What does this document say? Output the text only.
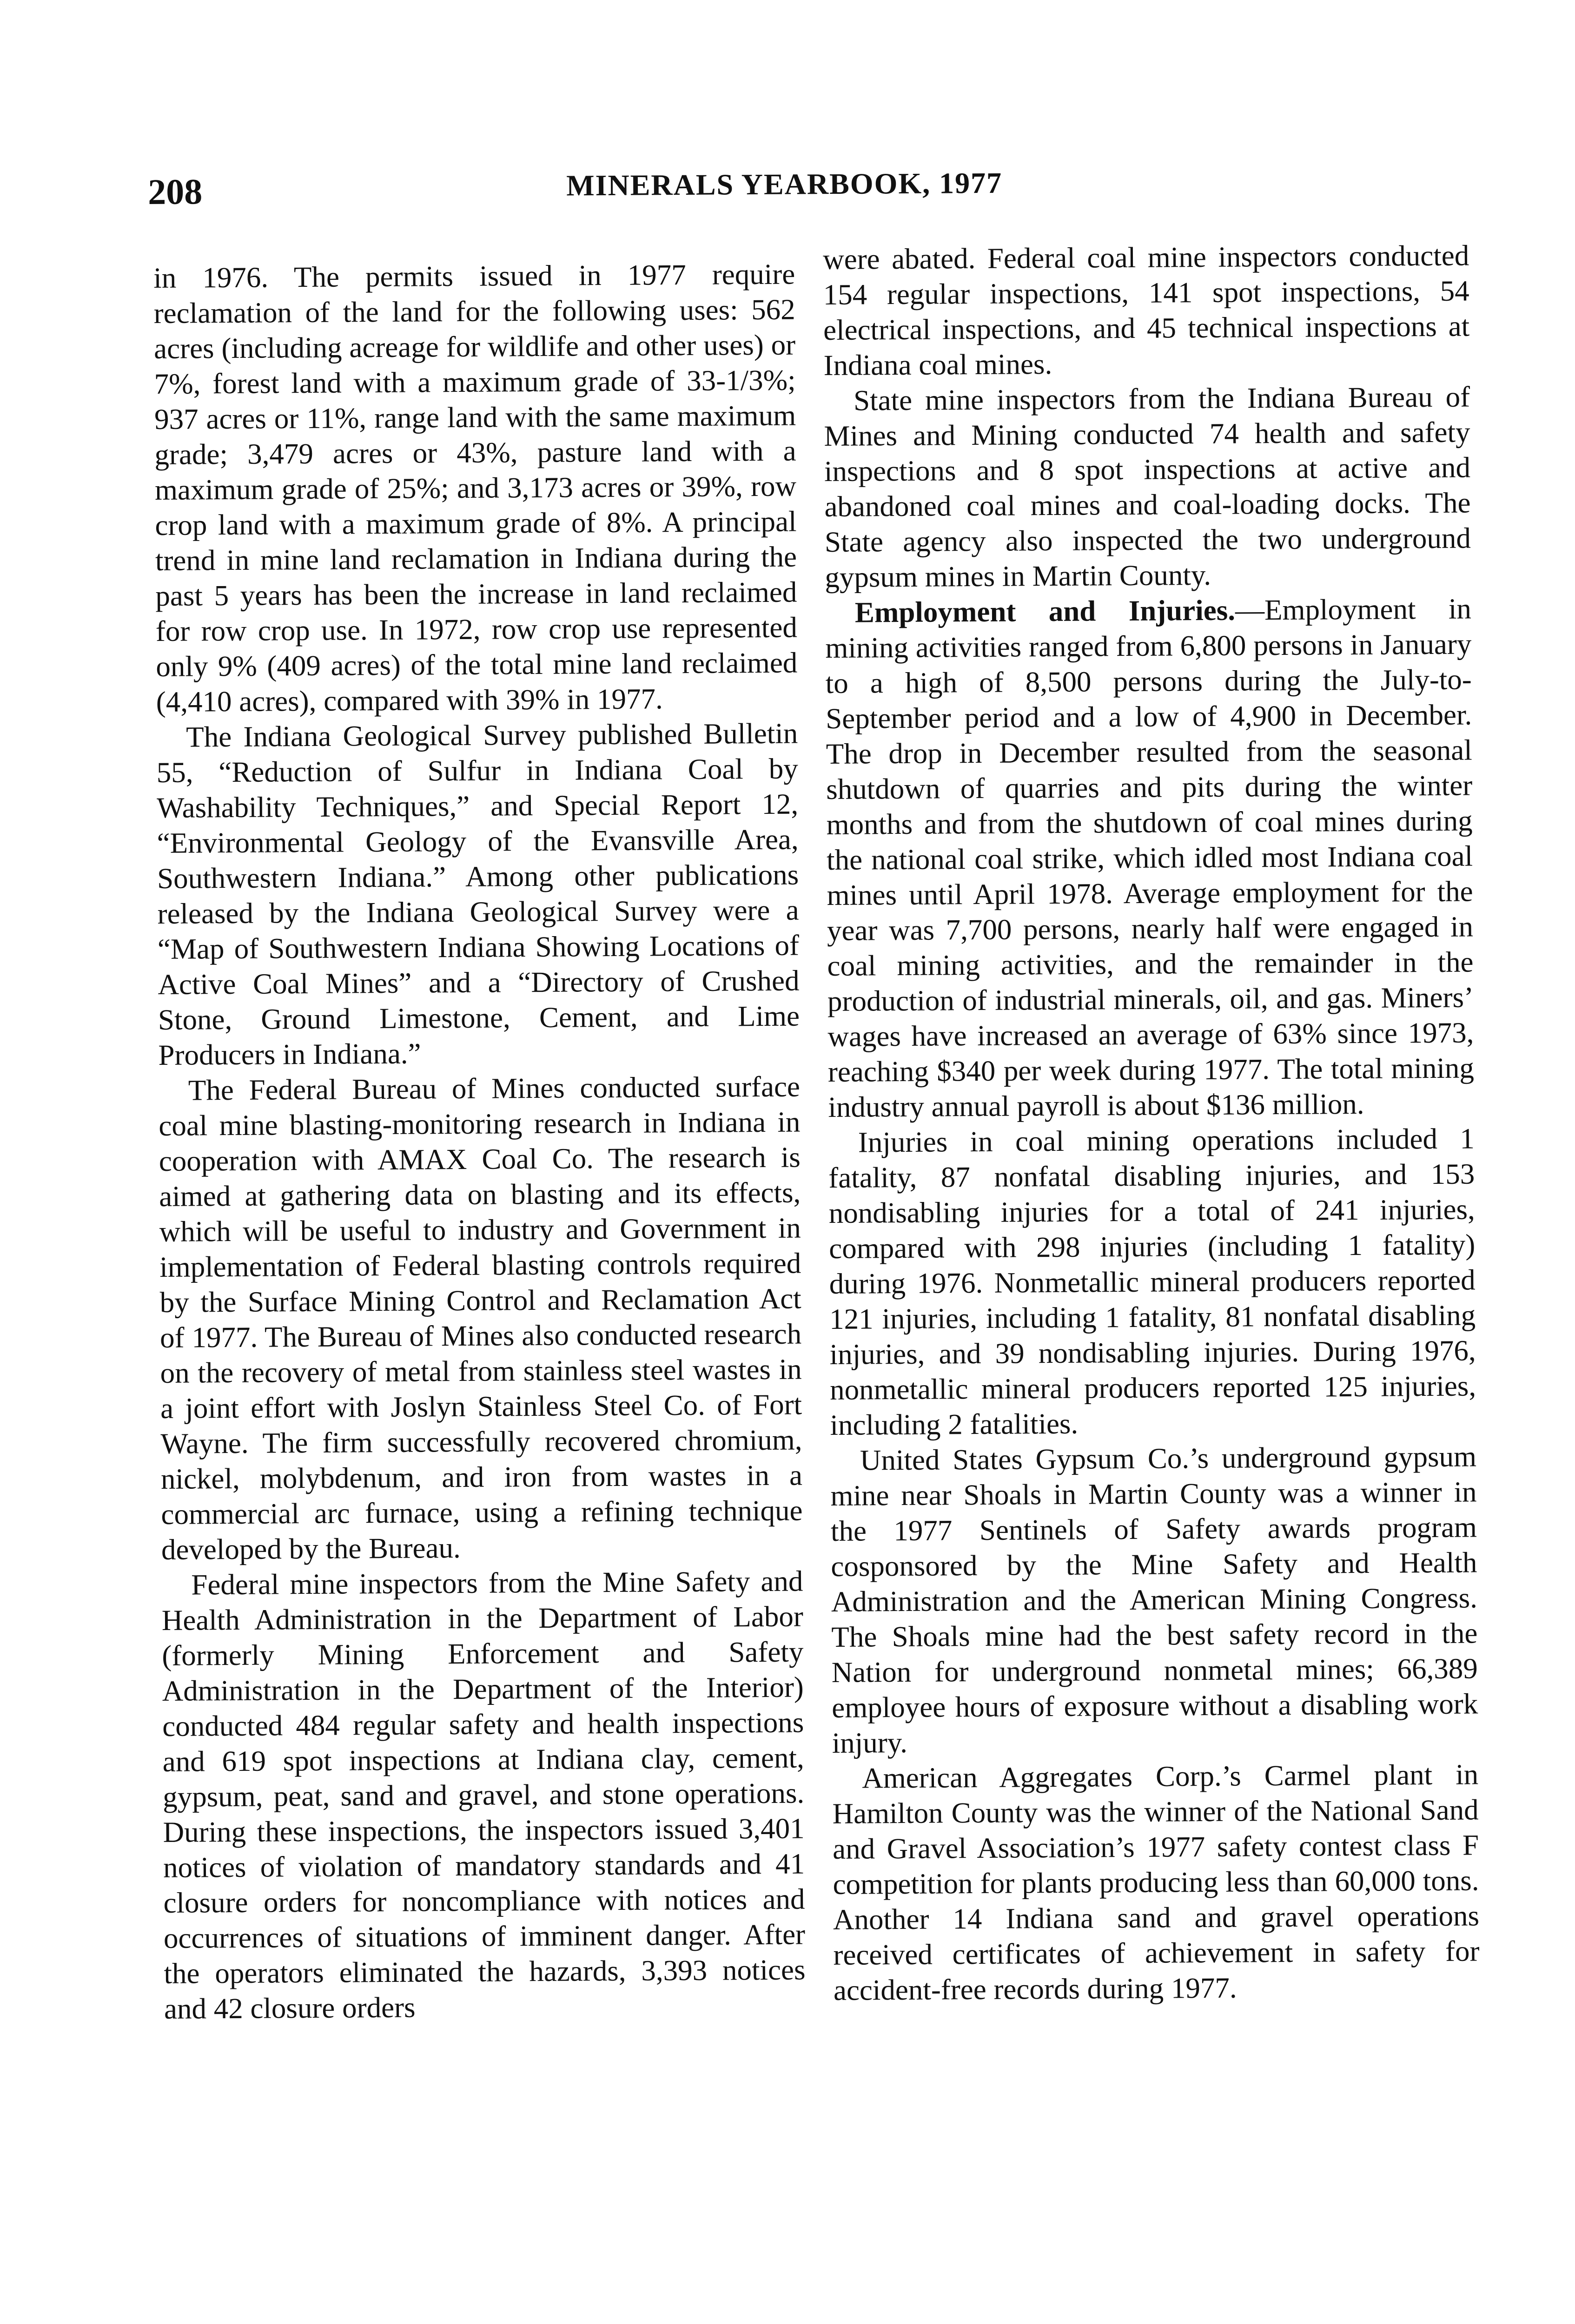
208	MINERALS YEARBOOK, 1977

in 1976. The permits issued in 1977 require reclamation of the land for the following uses: 562 acres (including acreage for wildlife and other uses) or 7%, forest land with a maximum grade of 33-1/3%; 937 acres or 11%, range land with the same maximum grade; 3,479 acres or 43%, pasture land with a maximum grade of 25%; and 3,173 acres or 39%, row crop land with a maximum grade of 8%. A principal trend in mine land reclamation in Indiana during the past 5 years has been the increase in land reclaimed for row crop use. In 1972, row crop use represented only 9% (409 acres) of the total mine land reclaimed (4,410 acres), compared with 39% in 1977.

The Indiana Geological Survey published Bulletin 55, “Reduction of Sulfur in Indiana Coal by Washability Techniques,” and Special Report 12, “Environmental Geology of the Evansville Area, Southwestern Indiana.” Among other publications released by the Indiana Geological Survey were a “Map of Southwestern Indiana Showing Locations of Active Coal Mines” and a “Directory of Crushed Stone, Ground Limestone, Cement, and Lime Producers in Indiana.”

The Federal Bureau of Mines conducted surface coal mine blasting-monitoring research in Indiana in cooperation with AMAX Coal Co. The research is aimed at gathering data on blasting and its effects, which will be useful to industry and Government in implementation of Federal blasting controls required by the Surface Mining Control and Reclamation Act of 1977. The Bureau of Mines also conducted research on the recovery of metal from stainless steel wastes in a joint effort with Joslyn Stainless Steel Co. of Fort Wayne. The firm successfully recovered chromium, nickel, molybdenum, and iron from wastes in a commercial arc furnace, using a refining technique developed by the Bureau.

Federal mine inspectors from the Mine Safety and Health Administration in the Department of Labor (formerly Mining Enforcement and Safety Administration in the Department of the Interior) conducted 484 regular safety and health inspections and 619 spot inspections at Indiana clay, cement, gypsum, peat, sand and gravel, and stone operations. During these inspections, the inspectors issued 3,401 notices of violation of mandatory standards and 41 closure orders for noncompliance with notices and occurrences of situations of imminent danger. After the operators eliminated the hazards, 3,393 notices and 42 closure orders

were abated. Federal coal mine inspectors conducted 154 regular inspections, 141 spot inspections, 54 electrical inspections, and 45 technical inspections at Indiana coal mines.

State mine inspectors from the Indiana Bureau of Mines and Mining conducted 74 health and safety inspections and 8 spot inspections at active and abandoned coal mines and coal-loading docks. The State agency also inspected the two underground gypsum mines in Martin County.

Employment and Injuries.—Employment in mining activities ranged from 6,800 persons in January to a high of 8,500 persons during the July-to-September period and a low of 4,900 in December. The drop in December resulted from the seasonal shutdown of quarries and pits during the winter months and from the shutdown of coal mines during the national coal strike, which idled most Indiana coal mines until April 1978. Average employment for the year was 7,700 persons, nearly half were engaged in coal mining activities, and the remainder in the production of industrial minerals, oil, and gas. Miners’ wages have increased an average of 63% since 1973, reaching $340 per week during 1977. The total mining industry annual payroll is about $136 million.

Injuries in coal mining operations included 1 fatality, 87 nonfatal disabling injuries, and 153 nondisabling injuries for a total of 241 injuries, compared with 298 injuries (including 1 fatality) during 1976. Nonmetallic mineral producers reported 121 injuries, including 1 fatality, 81 nonfatal disabling injuries, and 39 nondisabling injuries. During 1976, nonmetallic mineral producers reported 125 injuries, including 2 fatalities.

United States Gypsum Co.’s underground gypsum mine near Shoals in Martin County was a winner in the 1977 Sentinels of Safety awards program cosponsored by the Mine Safety and Health Administration and the American Mining Congress. The Shoals mine had the best safety record in the Nation for underground nonmetal mines; 66,389 employee hours of exposure without a disabling work injury.

American Aggregates Corp.’s Carmel plant in Hamilton County was the winner of the National Sand and Gravel Association’s 1977 safety contest class F competition for plants producing less than 60,000 tons. Another 14 Indiana sand and gravel operations received certificates of achievement in safety for accident-free records during 1977.
